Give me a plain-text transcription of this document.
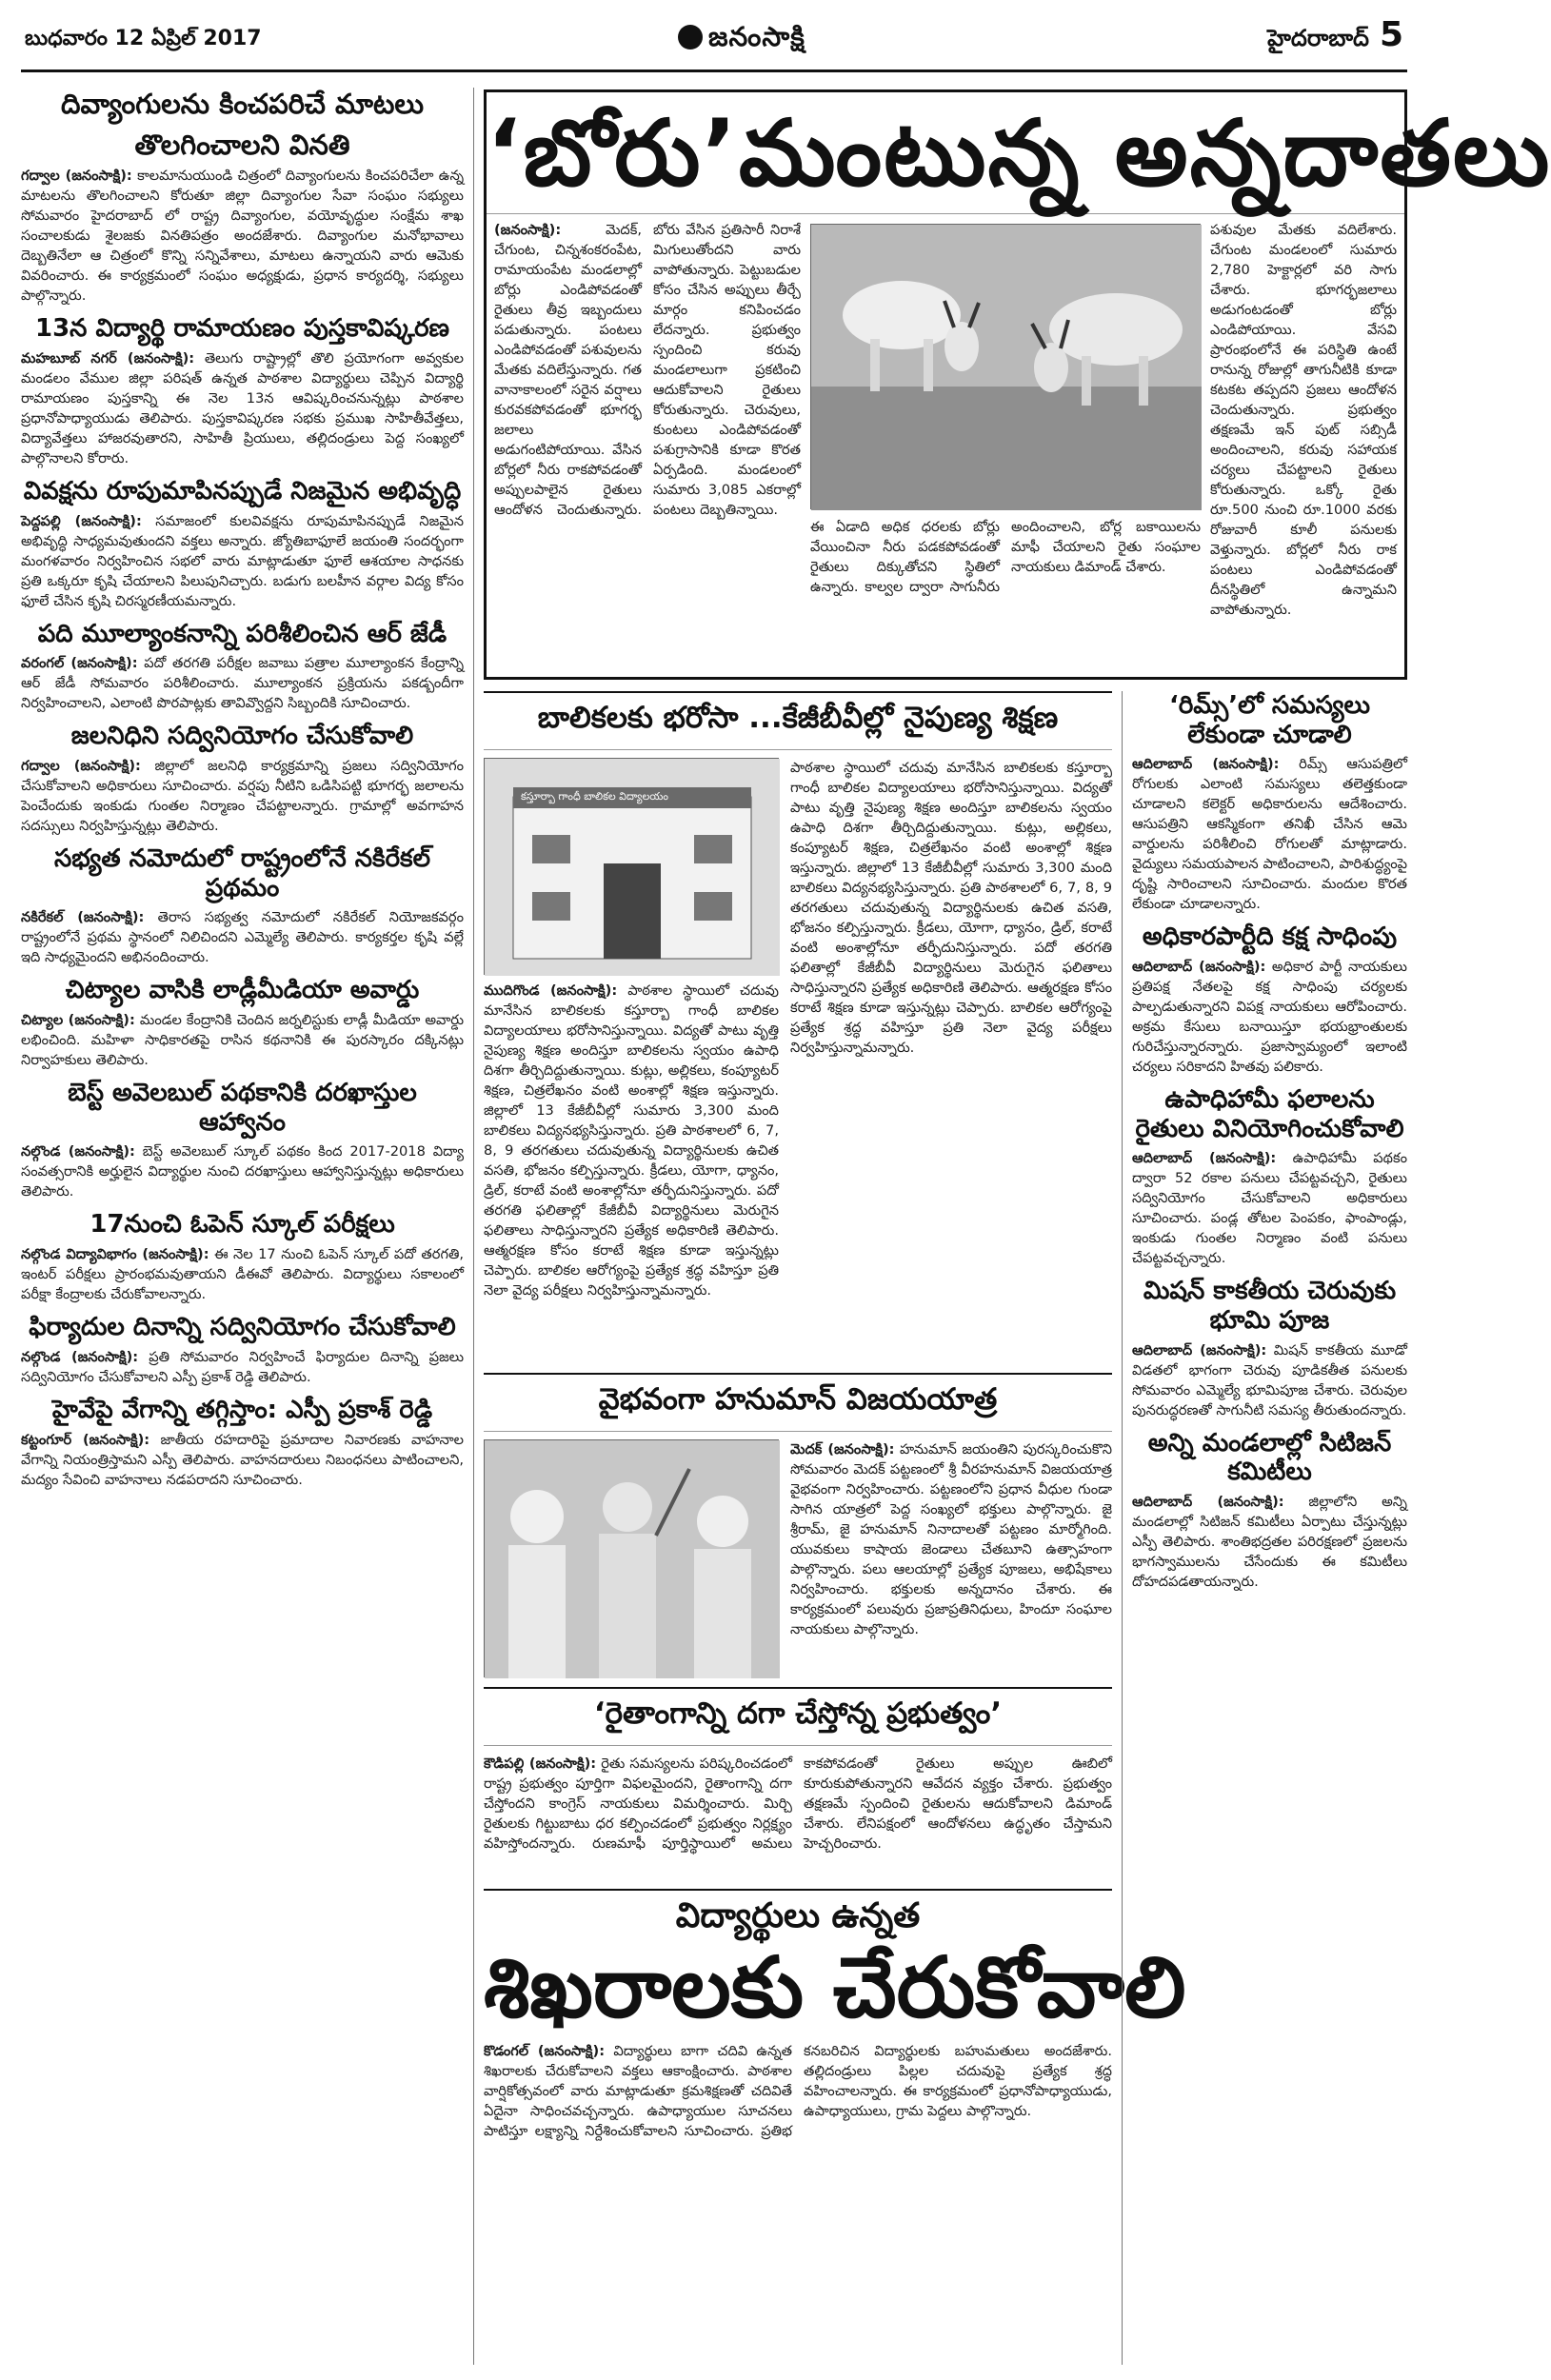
బుధవారం 12 ఏప్రిల్ 2017	జనంసాక్షి	హైదరాబాద్ 5
దివ్యాంగులను కించపరిచే మాటలు
తొలగించాలని వినతి

గద్వాల (జనంసాక్షి): కాలమానుయుండి చిత్రంలో దివ్యాంగులను కించపరిచేలా ఉన్న మాటలను తొలగించాలని కోరుతూ జిల్లా దివ్యాంగుల సేవా సంఘం సభ్యులు సోమవారం హైదరాబాద్ లో రాష్ట్ర దివ్యాంగుల, వయోవృద్ధుల సంక్షేమ శాఖ సంచాలకుడు శైలజకు వినతిపత్రం అందజేశారు. దివ్యాంగుల మనోభావాలు దెబ్బతినేలా ఆ చిత్రంలో కొన్ని సన్నివేశాలు, మాటలు ఉన్నాయని వారు ఆమెకు వివరించారు. ఈ కార్యక్రమంలో సంఘం అధ్యక్షుడు, ప్రధాన కార్యదర్శి, సభ్యులు పాల్గొన్నారు.

13న విద్యార్థి రామాయణం పుస్తకావిష్కరణ

మహబూబ్ నగర్ (జనంసాక్షి): తెలుగు రాష్ట్రాల్లో తొలి ప్రయోగంగా అవ్వకుల మండలం వేముల జిల్లా పరిషత్ ఉన్నత పాఠశాల విద్యార్థులు చెప్పిన విద్యార్థి రామాయణం పుస్తకాన్ని ఈ నెల 13న ఆవిష్కరించనున్నట్లు పాఠశాల ప్రధానోపాధ్యాయుడు తెలిపారు. పుస్తకావిష్కరణ సభకు ప్రముఖ సాహితీవేత్తలు, విద్యావేత్తలు హాజరవుతారని, సాహితీ ప్రియులు, తల్లిదండ్రులు పెద్ద సంఖ్యలో పాల్గొనాలని కోరారు.

వివక్షను రూపుమాపినప్పుడే నిజమైన అభివృద్ధి

పెద్దపల్లి (జనంసాక్షి): సమాజంలో కులవివక్షను రూపుమాపినప్పుడే నిజమైన అభివృద్ధి సాధ్యమవుతుందని వక్తలు అన్నారు. జ్యోతిబాఫూలే జయంతి సందర్భంగా మంగళవారం నిర్వహించిన సభలో వారు మాట్లాడుతూ ఫూలే ఆశయాల సాధనకు ప్రతి ఒక్కరూ కృషి చేయాలని పిలుపునిచ్చారు. బడుగు బలహీన వర్గాల విద్య కోసం ఫూలే చేసిన కృషి చిరస్మరణీయమన్నారు.

పది మూల్యాంకనాన్ని పరిశీలించిన ఆర్ జేడీ

వరంగల్ (జనంసాక్షి): పదో తరగతి పరీక్షల జవాబు పత్రాల మూల్యాంకన కేంద్రాన్ని ఆర్ జేడీ సోమవారం పరిశీలించారు. మూల్యాంకన ప్రక్రియను పకడ్బందీగా నిర్వహించాలని, ఎలాంటి పొరపాట్లకు తావివ్వొద్దని సిబ్బందికి సూచించారు.

జలనిధిని సద్వినియోగం చేసుకోవాలి

గద్వాల (జనంసాక్షి): జిల్లాలో జలనిధి కార్యక్రమాన్ని ప్రజలు సద్వినియోగం చేసుకోవాలని అధికారులు సూచించారు. వర్షపు నీటిని ఒడిసిపట్టి భూగర్భ జలాలను పెంచేందుకు ఇంకుడు గుంతల నిర్మాణం చేపట్టాలన్నారు. గ్రామాల్లో అవగాహన సదస్సులు నిర్వహిస్తున్నట్లు తెలిపారు.

సభ్యత నమోదులో రాష్ట్రంలోనే నకిరేకల్ ప్రథమం

నకిరేకల్ (జనంసాక్షి): తెరాస సభ్యత్వ నమోదులో నకిరేకల్ నియోజకవర్గం రాష్ట్రంలోనే ప్రథమ స్థానంలో నిలిచిందని ఎమ్మెల్యే తెలిపారు. కార్యకర్తల కృషి వల్లే ఇది సాధ్యమైందని అభినందించారు.

చిట్యాల వాసికి లాడ్లీమీడియా అవార్డు

చిట్యాల (జనంసాక్షి): మండల కేంద్రానికి చెందిన జర్నలిస్టుకు లాడ్లీ మీడియా అవార్డు లభించింది. మహిళా సాధికారతపై రాసిన కథనానికి ఈ పురస్కారం దక్కినట్లు నిర్వాహకులు తెలిపారు.

బెస్ట్ అవెలబుల్ పథకానికి దరఖాస్తుల ఆహ్వానం

నల్గొండ (జనంసాక్షి): బెస్ట్ అవెలబుల్ స్కూల్ పథకం కింద 2017-2018 విద్యా సంవత్సరానికి అర్హులైన విద్యార్థుల నుంచి దరఖాస్తులు ఆహ్వానిస్తున్నట్లు అధికారులు తెలిపారు.

17నుంచి ఓపెన్ స్కూల్ పరీక్షలు

నల్గొండ విద్యావిభాగం (జనంసాక్షి): ఈ నెల 17 నుంచి ఓపెన్ స్కూల్ పదో తరగతి, ఇంటర్ పరీక్షలు ప్రారంభమవుతాయని డీఈవో తెలిపారు. విద్యార్థులు సకాలంలో పరీక్షా కేంద్రాలకు చేరుకోవాలన్నారు.

ఫిర్యాదుల దినాన్ని సద్వినియోగం చేసుకోవాలి

నల్గొండ (జనంసాక్షి): ప్రతి సోమవారం నిర్వహించే ఫిర్యాదుల దినాన్ని ప్రజలు సద్వినియోగం చేసుకోవాలని ఎస్పీ ప్రకాశ్ రెడ్డి తెలిపారు.

హైవేపై వేగాన్ని తగ్గిస్తాం: ఎస్పీ ప్రకాశ్ రెడ్డి

కట్టంగూర్ (జనంసాక్షి): జాతీయ రహదారిపై ప్రమాదాల నివారణకు వాహనాల వేగాన్ని నియంత్రిస్తామని ఎస్పీ తెలిపారు. వాహనదారులు నిబంధనలు పాటించాలని, మద్యం సేవించి వాహనాలు నడపరాదని సూచించారు.

‘బోరు’మంటున్న అన్నదాతలు

(జనంసాక్షి):	మెదక్, చేగుంట, చిన్నశంకరంపేట, రామాయంపేట మండలాల్లో బోర్లు ఎండిపోవడంతో రైతులు తీవ్ర ఇబ్బందులు పడుతున్నారు. పంటలు ఎండిపోవడంతో పశువులను మేతకు వదిలేస్తున్నారు. గత వానాకాలంలో సరైన వర్షాలు కురవకపోవడంతో భూగర్భ జలాలు అడుగంటిపోయాయి. వేసిన బోర్లలో నీరు రాకపోవడంతో అప్పులపాలైన రైతులు ఆందోళన చెందుతున్నారు. బోరు వేసిన ప్రతిసారీ నిరాశే మిగులుతోందని వారు వాపోతున్నారు. పెట్టుబడుల కోసం చేసిన అప్పులు తీర్చే మార్గం కనిపించడం లేదన్నారు. ప్రభుత్వం స్పందించి కరువు మండలాలుగా ప్రకటించి ఆదుకోవాలని రైతులు కోరుతున్నారు. చెరువులు, కుంటలు ఎండిపోవడంతో పశుగ్రాసానికి కూడా కొరత ఏర్పడింది. మండలంలో సుమారు 3,085 ఎకరాల్లో పంటలు దెబ్బతిన్నాయి.

ఈ ఏడాది అధిక ధరలకు బోర్లు వేయించినా నీరు పడకపోవడంతో రైతులు దిక్కుతోచని స్థితిలో ఉన్నారు. కాల్వల ద్వారా సాగునీరు అందించాలని, బోర్ల బకాయిలను మాఫీ చేయాలని రైతు సంఘాల నాయకులు డిమాండ్ చేశారు.

పశువుల మేతకు వదిలేశారు. చేగుంట మండలంలో సుమారు 2,780 హెక్టార్లలో వరి సాగు చేశారు. భూగర్భజలాలు అడుగంటడంతో బోర్లు ఎండిపోయాయి. వేసవి ప్రారంభంలోనే ఈ పరిస్థితి ఉంటే రానున్న రోజుల్లో తాగునీటికి కూడా కటకట తప్పదని ప్రజలు ఆందోళన చెందుతున్నారు. ప్రభుత్వం తక్షణమే ఇన్ పుట్ సబ్సిడీ అందించాలని, కరువు సహాయక చర్యలు చేపట్టాలని రైతులు కోరుతున్నారు. ఒక్కో రైతు రూ.500 నుంచి రూ.1000 వరకు రోజువారీ కూలీ పనులకు వెళ్తున్నారు. బోర్లలో నీరు రాక పంటలు ఎండిపోవడంతో దీనస్థితిలో ఉన్నామని వాపోతున్నారు.

బాలికలకు భరోసా ...కేజీబీవీల్లో నైపుణ్య శిక్షణ
కస్తూర్బా గాంధీ బాలికల విద్యాలయం

ముదిగొండ (జనంసాక్షి): పాఠశాల స్థాయిలో చదువు మానేసిన బాలికలకు కస్తూర్బా గాంధీ బాలికల విద్యాలయాలు భరోసానిస్తున్నాయి. విద్యతో పాటు వృత్తి నైపుణ్య శిక్షణ అందిస్తూ బాలికలను స్వయం ఉపాధి దిశగా తీర్చిదిద్దుతున్నాయి. కుట్లు, అల్లికలు, కంప్యూటర్ శిక్షణ, చిత్రలేఖనం వంటి అంశాల్లో శిక్షణ ఇస్తున్నారు. జిల్లాలో 13 కేజీబీవీల్లో సుమారు 3,300 మంది బాలికలు విద్యనభ్యసిస్తున్నారు. ప్రతి పాఠశాలలో 6, 7, 8, 9 తరగతులు చదువుతున్న విద్యార్థినులకు ఉచిత వసతి, భోజనం కల్పిస్తున్నారు. క్రీడలు, యోగా, ధ్యానం, డ్రిల్, కరాటే వంటి అంశాల్లోనూ తర్ఫీదునిస్తున్నారు. పదో తరగతి ఫలితాల్లో కేజీబీవీ విద్యార్థినులు మెరుగైన ఫలితాలు సాధిస్తున్నారని ప్రత్యేక అధికారిణి తెలిపారు. ఆత్మరక్షణ కోసం కరాటే శిక్షణ కూడా ఇస్తున్నట్లు చెప్పారు. బాలికల ఆరోగ్యంపై ప్రత్యేక శ్రద్ధ వహిస్తూ ప్రతి నెలా వైద్య పరీక్షలు నిర్వహిస్తున్నామన్నారు.

పాఠశాల స్థాయిలో చదువు మానేసిన బాలికలకు కస్తూర్బా గాంధీ బాలికల విద్యాలయాలు భరోసానిస్తున్నాయి. విద్యతో పాటు వృత్తి నైపుణ్య శిక్షణ అందిస్తూ బాలికలను స్వయం ఉపాధి దిశగా తీర్చిదిద్దుతున్నాయి. కుట్లు, అల్లికలు, కంప్యూటర్ శిక్షణ, చిత్రలేఖనం వంటి అంశాల్లో శిక్షణ ఇస్తున్నారు. జిల్లాలో 13 కేజీబీవీల్లో సుమారు 3,300 మంది బాలికలు విద్యనభ్యసిస్తున్నారు. ప్రతి పాఠశాలలో 6, 7, 8, 9 తరగతులు చదువుతున్న విద్యార్థినులకు ఉచిత వసతి, భోజనం కల్పిస్తున్నారు. క్రీడలు, యోగా, ధ్యానం, డ్రిల్, కరాటే వంటి అంశాల్లోనూ తర్ఫీదునిస్తున్నారు. పదో తరగతి ఫలితాల్లో కేజీబీవీ విద్యార్థినులు మెరుగైన ఫలితాలు సాధిస్తున్నారని ప్రత్యేక అధికారిణి తెలిపారు. ఆత్మరక్షణ కోసం కరాటే శిక్షణ కూడా ఇస్తున్నట్లు చెప్పారు. బాలికల ఆరోగ్యంపై ప్రత్యేక శ్రద్ధ వహిస్తూ ప్రతి నెలా వైద్య పరీక్షలు నిర్వహిస్తున్నామన్నారు.

వైభవంగా హనుమాన్ విజయయాత్ర

మెదక్ (జనంసాక్షి): హనుమాన్ జయంతిని పురస్కరించుకొని సోమవారం మెదక్ పట్టణంలో శ్రీ వీరహనుమాన్ విజయయాత్ర వైభవంగా నిర్వహించారు. పట్టణంలోని ప్రధాన వీధుల గుండా సాగిన యాత్రలో పెద్ద సంఖ్యలో భక్తులు పాల్గొన్నారు. జై శ్రీరామ్, జై హనుమాన్ నినాదాలతో పట్టణం మార్మోగింది. యువకులు కాషాయ జెండాలు చేతబూని ఉత్సాహంగా పాల్గొన్నారు. పలు ఆలయాల్లో ప్రత్యేక పూజలు, అభిషేకాలు నిర్వహించారు. భక్తులకు అన్నదానం చేశారు. ఈ కార్యక్రమంలో పలువురు ప్రజాప్రతినిధులు, హిందూ సంఘాల నాయకులు పాల్గొన్నారు.

‘రైతాంగాన్ని దగా చేస్తోన్న ప్రభుత్వం’

కౌడిపల్లి (జనంసాక్షి): రైతు సమస్యలను పరిష్కరించడంలో రాష్ట్ర ప్రభుత్వం పూర్తిగా విఫలమైందని, రైతాంగాన్ని దగా చేస్తోందని కాంగ్రెస్ నాయకులు విమర్శించారు. మిర్చి రైతులకు గిట్టుబాటు ధర కల్పించడంలో ప్రభుత్వం నిర్లక్ష్యం వహిస్తోందన్నారు. రుణమాఫీ పూర్తిస్థాయిలో అమలు కాకపోవడంతో రైతులు అప్పుల ఊబిలో కూరుకుపోతున్నారని ఆవేదన వ్యక్తం చేశారు. ప్రభుత్వం తక్షణమే స్పందించి రైతులను ఆదుకోవాలని డిమాండ్ చేశారు. లేనిపక్షంలో ఆందోళనలు ఉద్ధృతం చేస్తామని హెచ్చరించారు.

విద్యార్థులు ఉన్నత
శిఖరాలకు చేరుకోవాలి

కొడంగల్ (జనంసాక్షి): విద్యార్థులు బాగా చదివి ఉన్నత శిఖరాలకు చేరుకోవాలని వక్తలు ఆకాంక్షించారు. పాఠశాల వార్షికోత్సవంలో వారు మాట్లాడుతూ క్రమశిక్షణతో చదివితే ఏదైనా సాధించవచ్చన్నారు. ఉపాధ్యాయుల సూచనలు పాటిస్తూ లక్ష్యాన్ని నిర్దేశించుకోవాలని సూచించారు. ప్రతిభ కనబరిచిన విద్యార్థులకు బహుమతులు అందజేశారు. తల్లిదండ్రులు పిల్లల చదువుపై ప్రత్యేక శ్రద్ధ వహించాలన్నారు. ఈ కార్యక్రమంలో ప్రధానోపాధ్యాయుడు, ఉపాధ్యాయులు, గ్రామ పెద్దలు పాల్గొన్నారు.

‘రిమ్స్’లో సమస్యలు లేకుండా చూడాలి

ఆదిలాబాద్ (జనంసాక్షి): రిమ్స్ ఆసుపత్రిలో రోగులకు ఎలాంటి సమస్యలు తలెత్తకుండా చూడాలని కలెక్టర్ అధికారులను ఆదేశించారు. ఆసుపత్రిని ఆకస్మికంగా తనిఖీ చేసిన ఆమె వార్డులను పరిశీలించి రోగులతో మాట్లాడారు. వైద్యులు సమయపాలన పాటించాలని, పారిశుద్ధ్యంపై దృష్టి సారించాలని సూచించారు. మందుల కొరత లేకుండా చూడాలన్నారు.

అధికారపార్టీది కక్ష సాధింపు

ఆదిలాబాద్ (జనంసాక్షి): అధికార పార్టీ నాయకులు ప్రతిపక్ష నేతలపై కక్ష సాధింపు చర్యలకు పాల్పడుతున్నారని విపక్ష నాయకులు ఆరోపించారు. అక్రమ కేసులు బనాయిస్తూ భయభ్రాంతులకు గురిచేస్తున్నారన్నారు. ప్రజాస్వామ్యంలో ఇలాంటి చర్యలు సరికాదని హితవు పలికారు.

ఉపాధిహామీ ఫలాలను రైతులు వినియోగించుకోవాలి

ఆదిలాబాద్ (జనంసాక్షి): ఉపాధిహామీ పథకం ద్వారా 52 రకాల పనులు చేపట్టవచ్చని, రైతులు సద్వినియోగం చేసుకోవాలని అధికారులు సూచించారు. పండ్ల తోటల పెంపకం, ఫాంపాండ్లు, ఇంకుడు గుంతల నిర్మాణం వంటి పనులు చేపట్టవచ్చన్నారు.

మిషన్ కాకతీయ చెరువుకు భూమి పూజ

ఆదిలాబాద్ (జనంసాక్షి): మిషన్ కాకతీయ మూడో విడతలో భాగంగా చెరువు పూడికతీత పనులకు సోమవారం ఎమ్మెల్యే భూమిపూజ చేశారు. చెరువుల పునరుద్ధరణతో సాగునీటి సమస్య తీరుతుందన్నారు.

అన్ని మండలాల్లో సిటిజన్ కమిటీలు

ఆదిలాబాద్ (జనంసాక్షి): జిల్లాలోని అన్ని మండలాల్లో సిటిజన్ కమిటీలు ఏర్పాటు చేస్తున్నట్లు ఎస్పీ తెలిపారు. శాంతిభద్రతల పరిరక్షణలో ప్రజలను భాగస్వాములను చేసేందుకు ఈ కమిటీలు దోహదపడతాయన్నారు.
